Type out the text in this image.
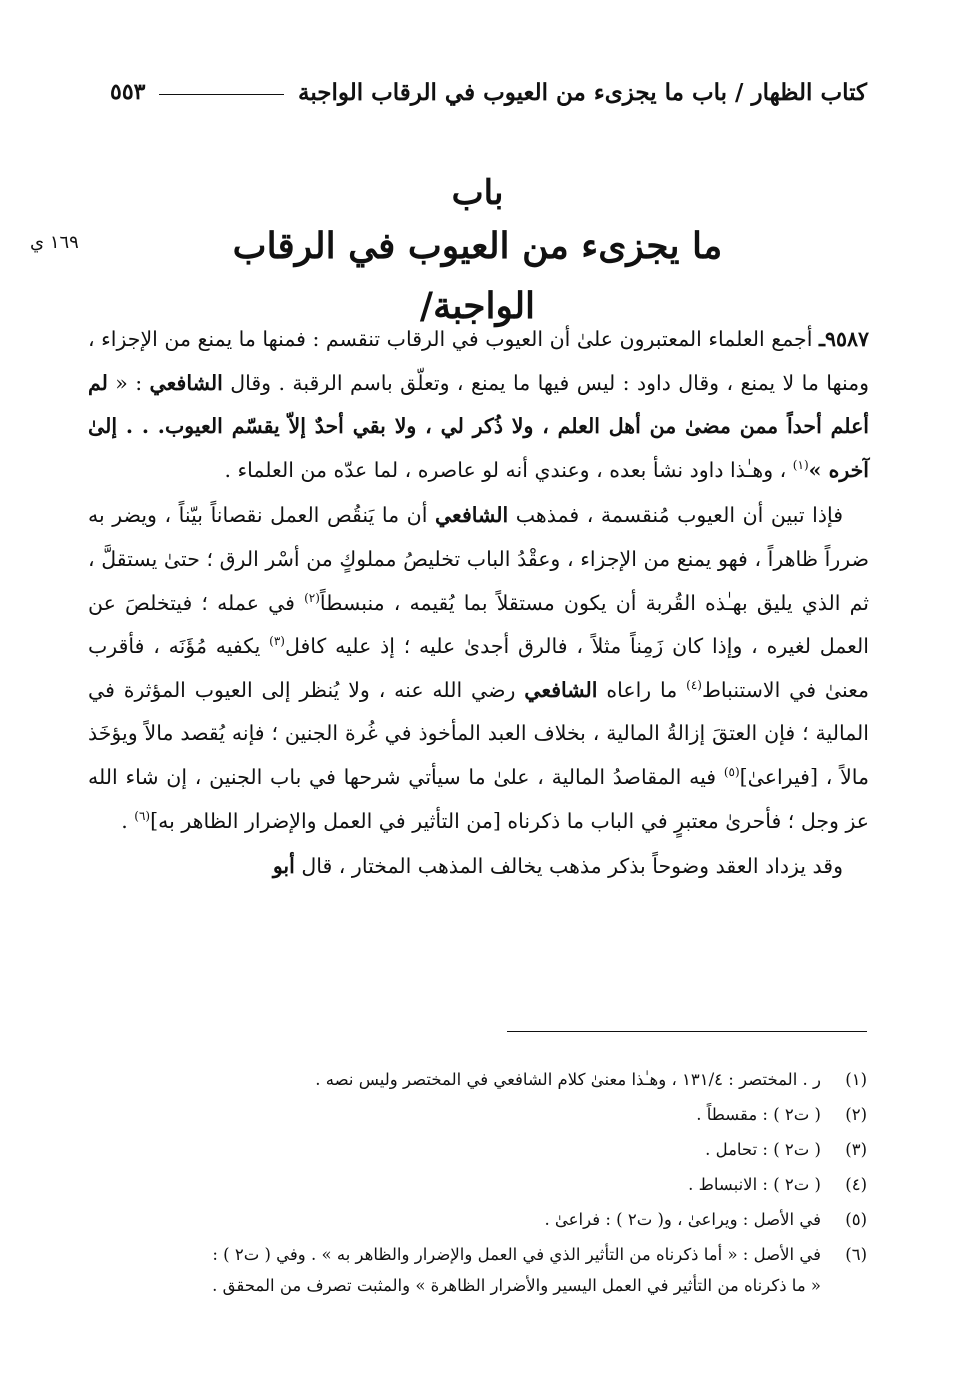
كتاب الظهار / باب ما يجزىء من العيوب في الرقاب الواجبة
٥٥٣
باب
ما يجزىء من العيوب في الرقاب الواجبة/
١٦٩ ي

٩٥٨٧ـ أجمع العلماء المعتبرون علىٰ أن العيوب في الرقاب تنقسم : فمنها ما يمنع من الإجزاء ، ومنها ما لا يمنع ، وقال داود : ليس فيها ما يمنع ، وتعلّق باسم الرقبة . وقال الشافعي : « لم أعلم أحداً ممن مضىٰ من أهل العلم ، ولا ذُكر لي ، ولا بقي أحدٌ إلاّ يقسّم العيوب. . . إلىٰ آخره »$^{(١)}$ ، وهـٰذا داود نشأ بعده ، وعندي أنه لو عاصره ، لما عدّه من العلماء .

فإذا تبين أن العيوب مُنقسمة ، فمذهب الشافعي أن ما يَنقُص العمل نقصاناً بيّناً ، ويضر به ضرراً ظاهراً ، فهو يمنع من الإجزاء ، وعقْدُ الباب تخليصُ مملوكٍ من أسْر الرق ؛ حتىٰ يستقلَّ ، ثم الذي يليق بهـٰذه القُربة أن يكون مستقلاً بما يُقيمه ، منبسطاً$^{(٢)}$ في عمله ؛ فيتخلصَ عن العمل لغيره ، وإذا كان زَمِناً مثلاً ، فالرق أجدىٰ عليه ؛ إذ عليه كافل$^{(٣)}$ يكفيه مُؤَنَه ، فأقرب معنىٰ في الاستنباط$^{(٤)}$ ما راعاه الشافعي رضي الله عنه ، ولا يُنظر إلى العيوب المؤثرة في المالية ؛ فإن العتقَ إزالةُ المالية ، بخلاف العبد المأخوذ في غُرة الجنين ؛ فإنه يُقصد مالاً ويؤخَذ مالاً ، [فيراعىٰ]$^{(٥)}$ فيه المقاصدُ المالية ، علىٰ ما سيأتي شرحها في باب الجنين ، إن شاء الله عز وجل ؛ فأحرىٰ معتبرٍ في الباب ما ذكرناه [من التأثير في العمل والإضرار الظاهر به]$^{(٦)}$ .

وقد يزداد العقد وضوحاً بذكر مذهب يخالف المذهب المختار ، قال أبو

(١)
ر . المختصر : ١٣١/٤ ، وهـٰذا معنىٰ كلام الشافعي في المختصر وليس نصه .
(٢)
( ت٢ ) : مقسطاً .
(٣)
( ت٢ ) : تحامل .
(٤)
( ت٢ ) : الانبساط .
(٥)
في الأصل : ويراعىٰ ، و( ت٢ ) : فراعىٰ .
(٦)
في الأصل : « أما ذكرناه من التأثير الذي في العمل والإضرار والظاهر به » . وفي ( ت٢ ) :
« ما ذكرناه من التأثير في العمل اليسير والأضرار الظاهرة » والمثبت تصرف من المحقق .
